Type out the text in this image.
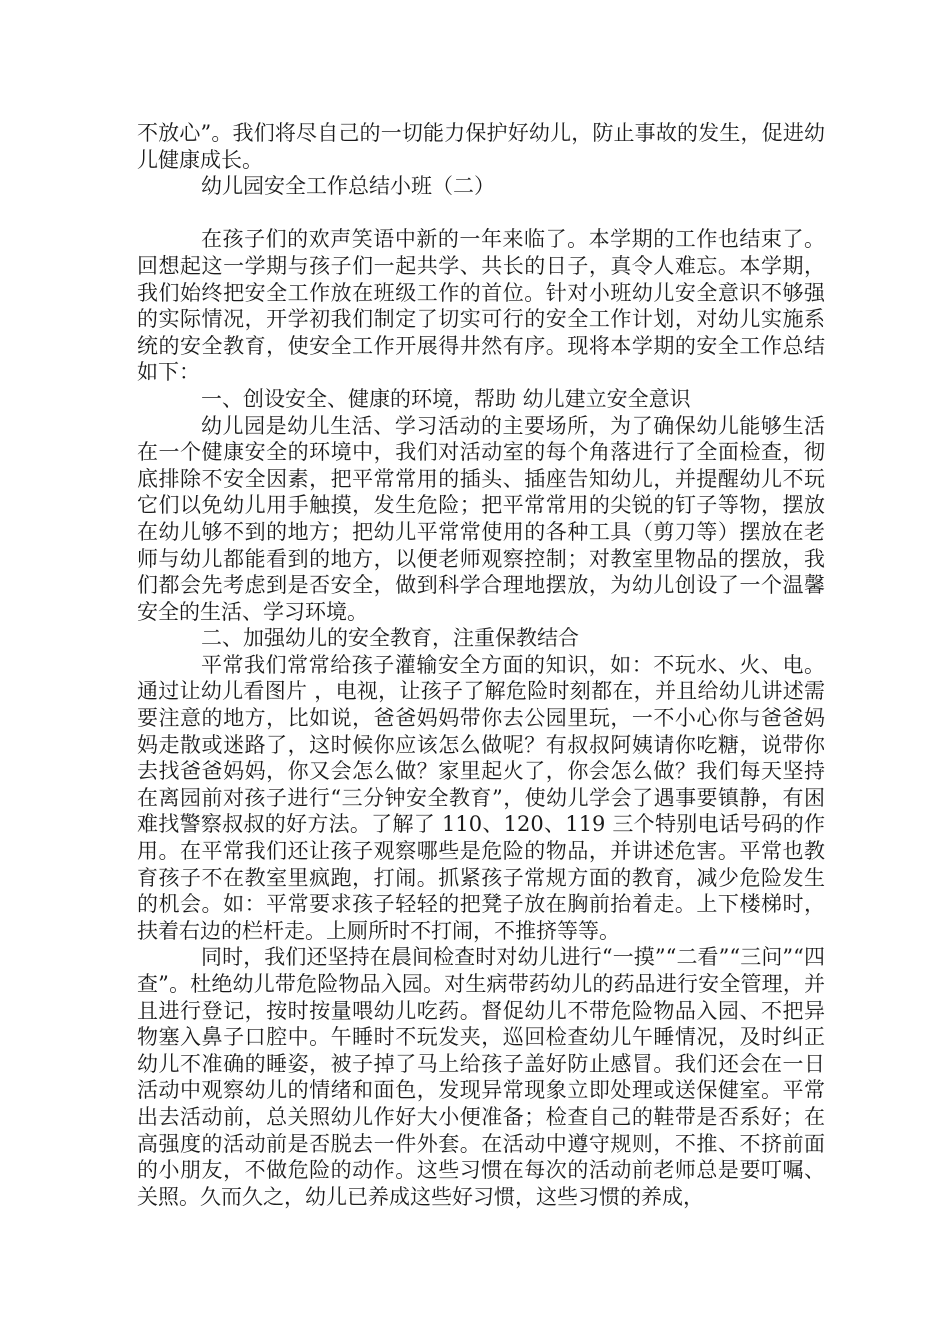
不放心”。我们将尽自己的一切能力保护好幼儿，防止事故的发生，促进幼儿健康成长。

幼儿园安全工作总结小班（二）

在孩子们的欢声笑语中新的一年来临了。本学期的工作也结束了。回想起这一学期与孩子们一起共学、共长的日子，真令人难忘。本学期，我们始终把安全工作放在班级工作的首位。针对小班幼儿安全意识不够强的实际情况，开学初我们制定了切实可行的安全工作计划，对幼儿实施系统的安全教育，使安全工作开展得井然有序。现将本学期的安全工作总结如下：

一、创设安全、健康的环境，帮助 幼儿建立安全意识

幼儿园是幼儿生活、学习活动的主要场所，为了确保幼儿能够生活在一个健康安全的环境中，我们对活动室的每个角落进行了全面检查，彻底排除不安全因素，把平常常用的插头、插座告知幼儿，并提醒幼儿不玩它们以免幼儿用手触摸，发生危险；把平常常用的尖锐的钉子等物，摆放在幼儿够不到的地方；把幼儿平常常使用的各种工具（剪刀等）摆放在老师与幼儿都能看到的地方，以便老师观察控制；对教室里物品的摆放，我们都会先考虑到是否安全，做到科学合理地摆放，为幼儿创设了一个温馨安全的生活、学习环境。

二、加强幼儿的安全教育，注重保教结合

平常我们常常给孩子灌输安全方面的知识，如：不玩水、火、电。通过让幼儿看图片 ，电视，让孩子了解危险时刻都在，并且给幼儿讲述需要注意的地方，比如说，爸爸妈妈带你去公园里玩，一不小心你与爸爸妈妈走散或迷路了，这时候你应该怎么做呢？有叔叔阿姨请你吃糖，说带你去找爸爸妈妈，你又会怎么做？家里起火了，你会怎么做？我们每天坚持在离园前对孩子进行“三分钟安全教育”，使幼儿学会了遇事要镇静，有困难找警察叔叔的好方法。了解了 110、120、119 三个特别电话号码的作用。在平常我们还让孩子观察哪些是危险的物品，并讲述危害。平常也教育孩子不在教室里疯跑，打闹。抓紧孩子常规方面的教育，减少危险发生的机会。如：平常要求孩子轻轻的把凳子放在胸前抬着走。上下楼梯时，扶着右边的栏杆走。上厕所时不打闹，不推挤等等。

同时，我们还坚持在晨间检查时对幼儿进行“一摸”“二看”“三问”“四查”。杜绝幼儿带危险物品入园。对生病带药幼儿的药品进行安全管理，并且进行登记，按时按量喂幼儿吃药。督促幼儿不带危险物品入园、不把异物塞入鼻子口腔中。午睡时不玩发夹，巡回检查幼儿午睡情况，及时纠正幼儿不准确的睡姿，被子掉了马上给孩子盖好防止感冒。我们还会在一日活动中观察幼儿的情绪和面色，发现异常现象立即处理或送保健室。平常出去活动前，总关照幼儿作好大小便准备；检查自己的鞋带是否系好；在高强度的活动前是否脱去一件外套。在活动中遵守规则，不推、不挤前面的小朋友，不做危险的动作。这些习惯在每次的活动前老师总是要叮嘱、关照。久而久之，幼儿已养成这些好习惯，这些习惯的养成，
